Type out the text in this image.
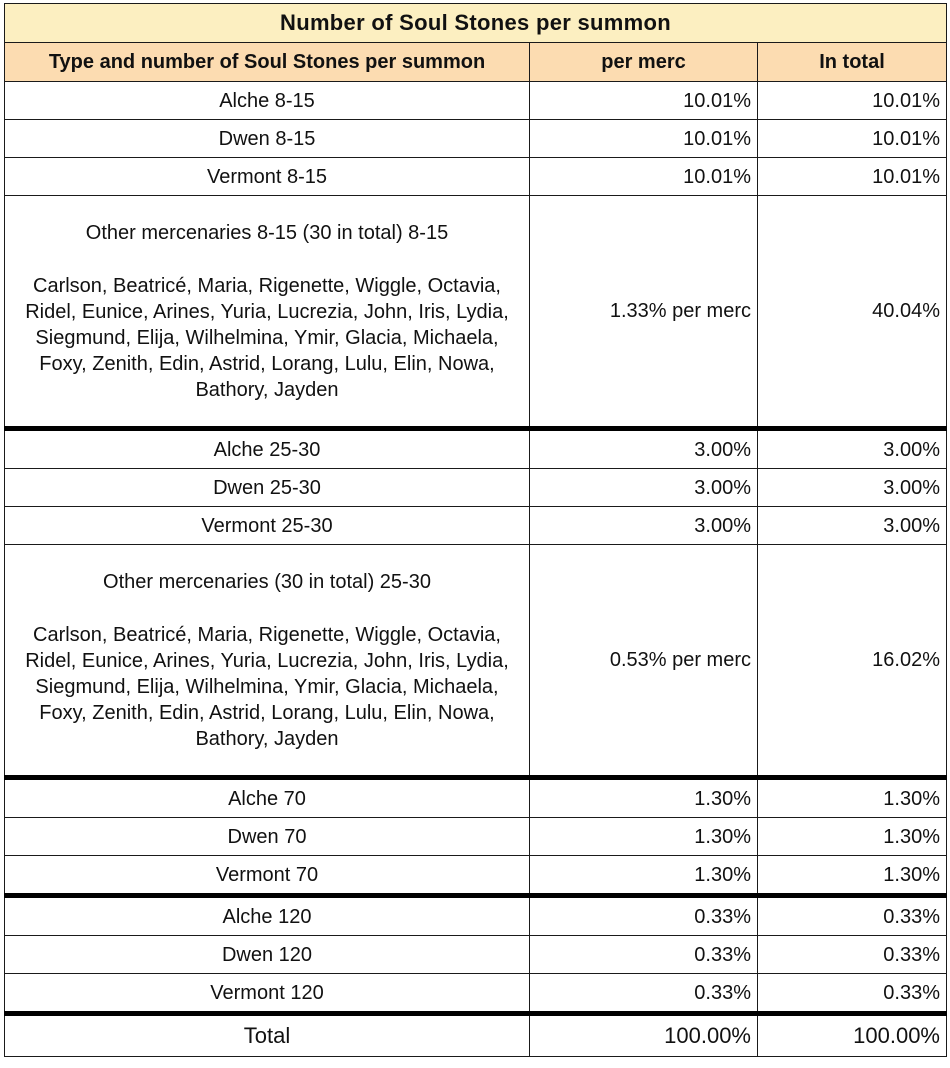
Number of Soul Stones per summon		
Type and number of Soul Stones per summon	per merc	In total
Alche 8-15	10.01%	10.01%
Dwen 8-15	10.01%	10.01%
Vermont 8-15	10.01%	10.01%

Other mercenaries 8-15 (30 in total) 8-15
Carlson, Beatricé, Maria, Rigenette, Wiggle, Octavia, Ridel, Eunice, Arines, Yuria, Lucrezia, John, Iris, Lydia, Siegmund, Elija, Wilhelmina, Ymir, Glacia, Michaela, Foxy, Zenith, Edin, Astrid, Lorang, Lulu, Elin, Nowa, Bathory, Jayden	1.33% per merc	40.04%
Alche 25-30	3.00%	3.00%
Dwen 25-30	3.00%	3.00%
Vermont 25-30	3.00%	3.00%

Other mercenaries (30 in total) 25-30
Carlson, Beatricé, Maria, Rigenette, Wiggle, Octavia, Ridel, Eunice, Arines, Yuria, Lucrezia, John, Iris, Lydia, Siegmund, Elija, Wilhelmina, Ymir, Glacia, Michaela, Foxy, Zenith, Edin, Astrid, Lorang, Lulu, Elin, Nowa, Bathory, Jayden	0.53% per merc	16.02%
Alche 70	1.30%	1.30%
Dwen 70	1.30%	1.30%
Vermont 70	1.30%	1.30%
Alche 120	0.33%	0.33%
Dwen 120	0.33%	0.33%
Vermont 120	0.33%	0.33%
Total	100.00%	100.00%
